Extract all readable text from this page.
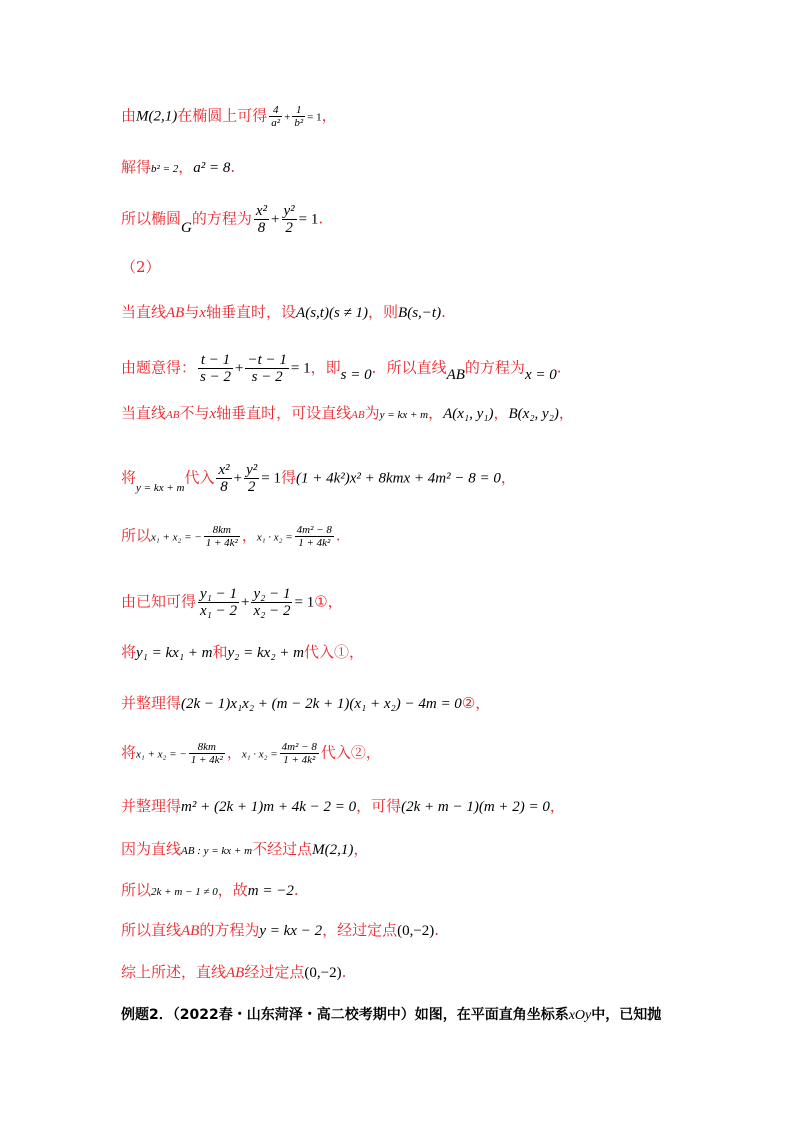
由M(2,1)在椭圆上可得 $\frac{4}{\text{a²}} + \frac{1}{\text{b²}} = 1$，
解得b² = 2，a² = 8.
所以椭圆G的方程为 $\frac{\text{x²}}{8} + \frac{\text{y²}}{2} = 1$.
（2）
当直线AB与x轴垂直时，设A(s,t)(s ≠ 1)，则B(s,−t).
由题意得： $\frac{t - 1}{s - 2} + \frac{-t - 1}{s - 2} = 1$，即s = 0．所以直线AB的方程为x = 0.
当直线AB不与x轴垂直时，可设直线AB为y = kx + m，A(x₁, y₁)，B(x₂, y₂)，
将$_{y = kx + m}$代入 $\frac{\text{x²}}{8} + \frac{\text{y²}}{2} = 1$得(1 + 4k²)x² + 8kmx + 4m² − 8 = 0，
所以x₁ + x₂ = − $\frac{8km}{\text{1 + 4k²}}$ ，$x_1 \cdot x_2 = \frac{\text{4m² − 8}}{\text{1 + 4k²}}$ .
由已知可得 $\frac{\text{y₁ − 1}}{\text{x₁ − 2}} + \frac{\text{y₂ − 1}}{\text{x₂ − 2}}$ = 1①，
将y₁ = kx₁ + m和y₂ = kx₂ + m代入①，
并整理得(2k − 1)x₁x₂ + (m − 2k + 1)(x₁ + x₂) − 4m = 0②，
将x₁ + x₂ = − $\frac{8km}{\text{1 + 4k²}}$ ，$x_1 \cdot x_2 = \frac{\text{4m² − 8}}{\text{1 + 4k²}}$ 代入②，
并整理得m² + (2k + 1)m + 4k − 2 = 0，可得(2k + m − 1)(m + 2) = 0，
因为直线AB : y = kx + m不经过点M(2,1)，
所以2k + m − 1 ≠ 0，故m = −2.
所以直线AB的方程为y = kx − 2，经过定点(0,−2).
综上所述，直线AB经过定点(0,−2).
例题2．（2022春・山东菏泽・高二校考期中）如图，在平面直角坐标系xOy中，已知抛
